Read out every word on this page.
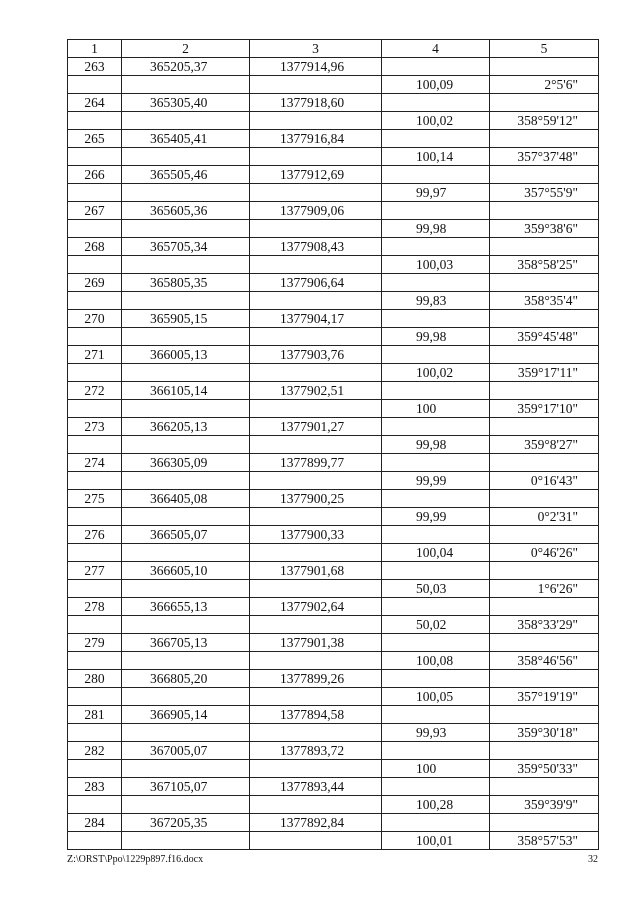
1	2	3	4	5
263	365205,37	1377914,96		
			100,09	2°5'6"
264	365305,40	1377918,60		
			100,02	358°59'12"
265	365405,41	1377916,84		
			100,14	357°37'48"
266	365505,46	1377912,69		
			99,97	357°55'9"
267	365605,36	1377909,06		
			99,98	359°38'6"
268	365705,34	1377908,43		
			100,03	358°58'25"
269	365805,35	1377906,64		
			99,83	358°35'4"
270	365905,15	1377904,17		
			99,98	359°45'48"
271	366005,13	1377903,76		
			100,02	359°17'11"
272	366105,14	1377902,51		
			100	359°17'10"
273	366205,13	1377901,27		
			99,98	359°8'27"
274	366305,09	1377899,77		
			99,99	0°16'43"
275	366405,08	1377900,25		
			99,99	0°2'31"
276	366505,07	1377900,33		
			100,04	0°46'26"
277	366605,10	1377901,68		
			50,03	1°6'26"
278	366655,13	1377902,64		
			50,02	358°33'29"
279	366705,13	1377901,38		
			100,08	358°46'56"
280	366805,20	1377899,26		
			100,05	357°19'19"
281	366905,14	1377894,58		
			99,93	359°30'18"
282	367005,07	1377893,72		
			100	359°50'33"
283	367105,07	1377893,44		
			100,28	359°39'9"
284	367205,35	1377892,84		
			100,01	358°57'53"
Z:\ORST\Ppo\1229p897.f16.docx	32
